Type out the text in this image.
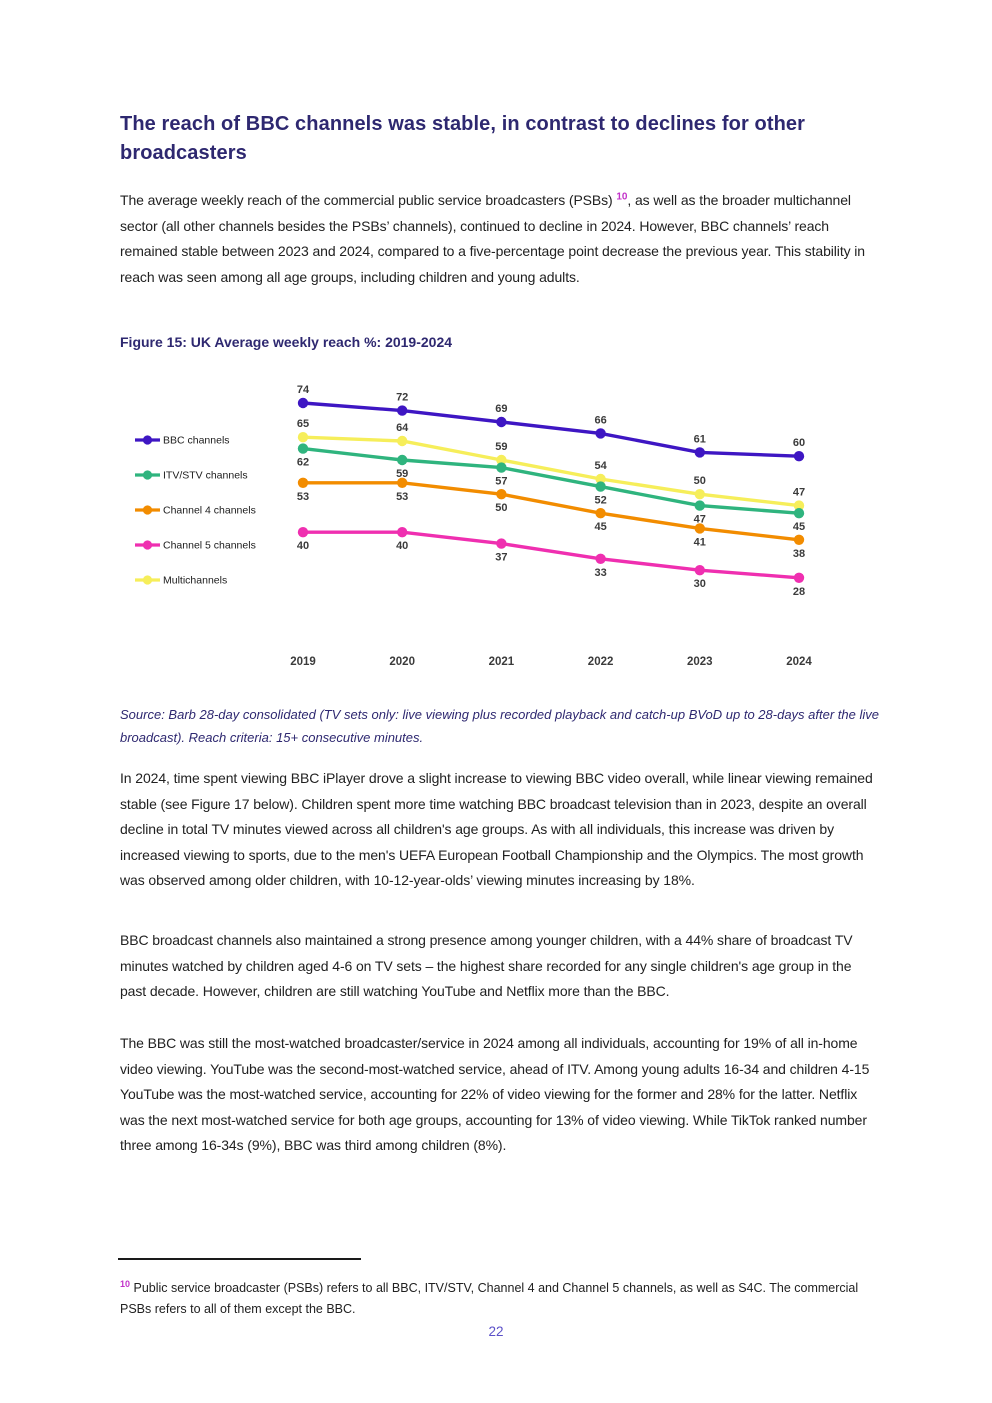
The reach of BBC channels was stable, in contrast to declines for other broadcasters

The average weekly reach of the commercial public service broadcasters (PSBs) $^{10}$, as well as the broader multichannel sector (all other channels besides the PSBs’ channels), continued to decline in 2024. However, BBC channels’ reach remained stable between 2023 and 2024, compared to a five-percentage point decrease the previous year. This stability in reach was seen among all age groups, including children and young adults.

Figure 15: UK Average weekly reach %: 2019-2024

74
72
69
66
61	60
62
59
57
52
47
45
53	53
50
45
41
38
40	40
37
33
30
28
65	64
59
54
50
47
2019	2020	2021	2022	2023	2024
BBC channels
ITV/STV channels
Channel 4 channels
Channel 5 channels
Multichannels

Source: Barb 28-day consolidated (TV sets only: live viewing plus recorded playback and catch-up BVoD up to 28-days after the live broadcast). Reach criteria: 15+ consecutive minutes.

In 2024, time spent viewing BBC iPlayer drove a slight increase to viewing BBC video overall, while linear viewing remained stable (see Figure 17 below). Children spent more time watching BBC broadcast television than in 2023, despite an overall decline in total TV minutes viewed across all children's age groups. As with all individuals, this increase was driven by increased viewing to sports, due to the men's UEFA European Football Championship and the Olympics. The most growth was observed among older children, with 10-12-year-olds’ viewing minutes increasing by 18%.

BBC broadcast channels also maintained a strong presence among younger children, with a 44% share of broadcast TV minutes watched by children aged 4-6 on TV sets – the highest share recorded for any single children's age group in the past decade. However, children are still watching YouTube and Netflix more than the BBC.

The BBC was still the most-watched broadcaster/service in 2024 among all individuals, accounting for 19% of all in-home video viewing. YouTube was the second-most-watched service, ahead of ITV. Among young adults 16-34 and children 4-15 YouTube was the most-watched service, accounting for 22% of video viewing for the former and 28% for the latter. Netflix was the next most-watched service for both age groups, accounting for 13% of video viewing. While TikTok ranked number three among 16-34s (9%), BBC was third among children (8%).

$^{10}$ Public service broadcaster (PSBs) refers to all BBC, ITV/STV, Channel 4 and Channel 5 channels, as well as S4C. The commercial PSBs refers to all of them except the BBC.

22
